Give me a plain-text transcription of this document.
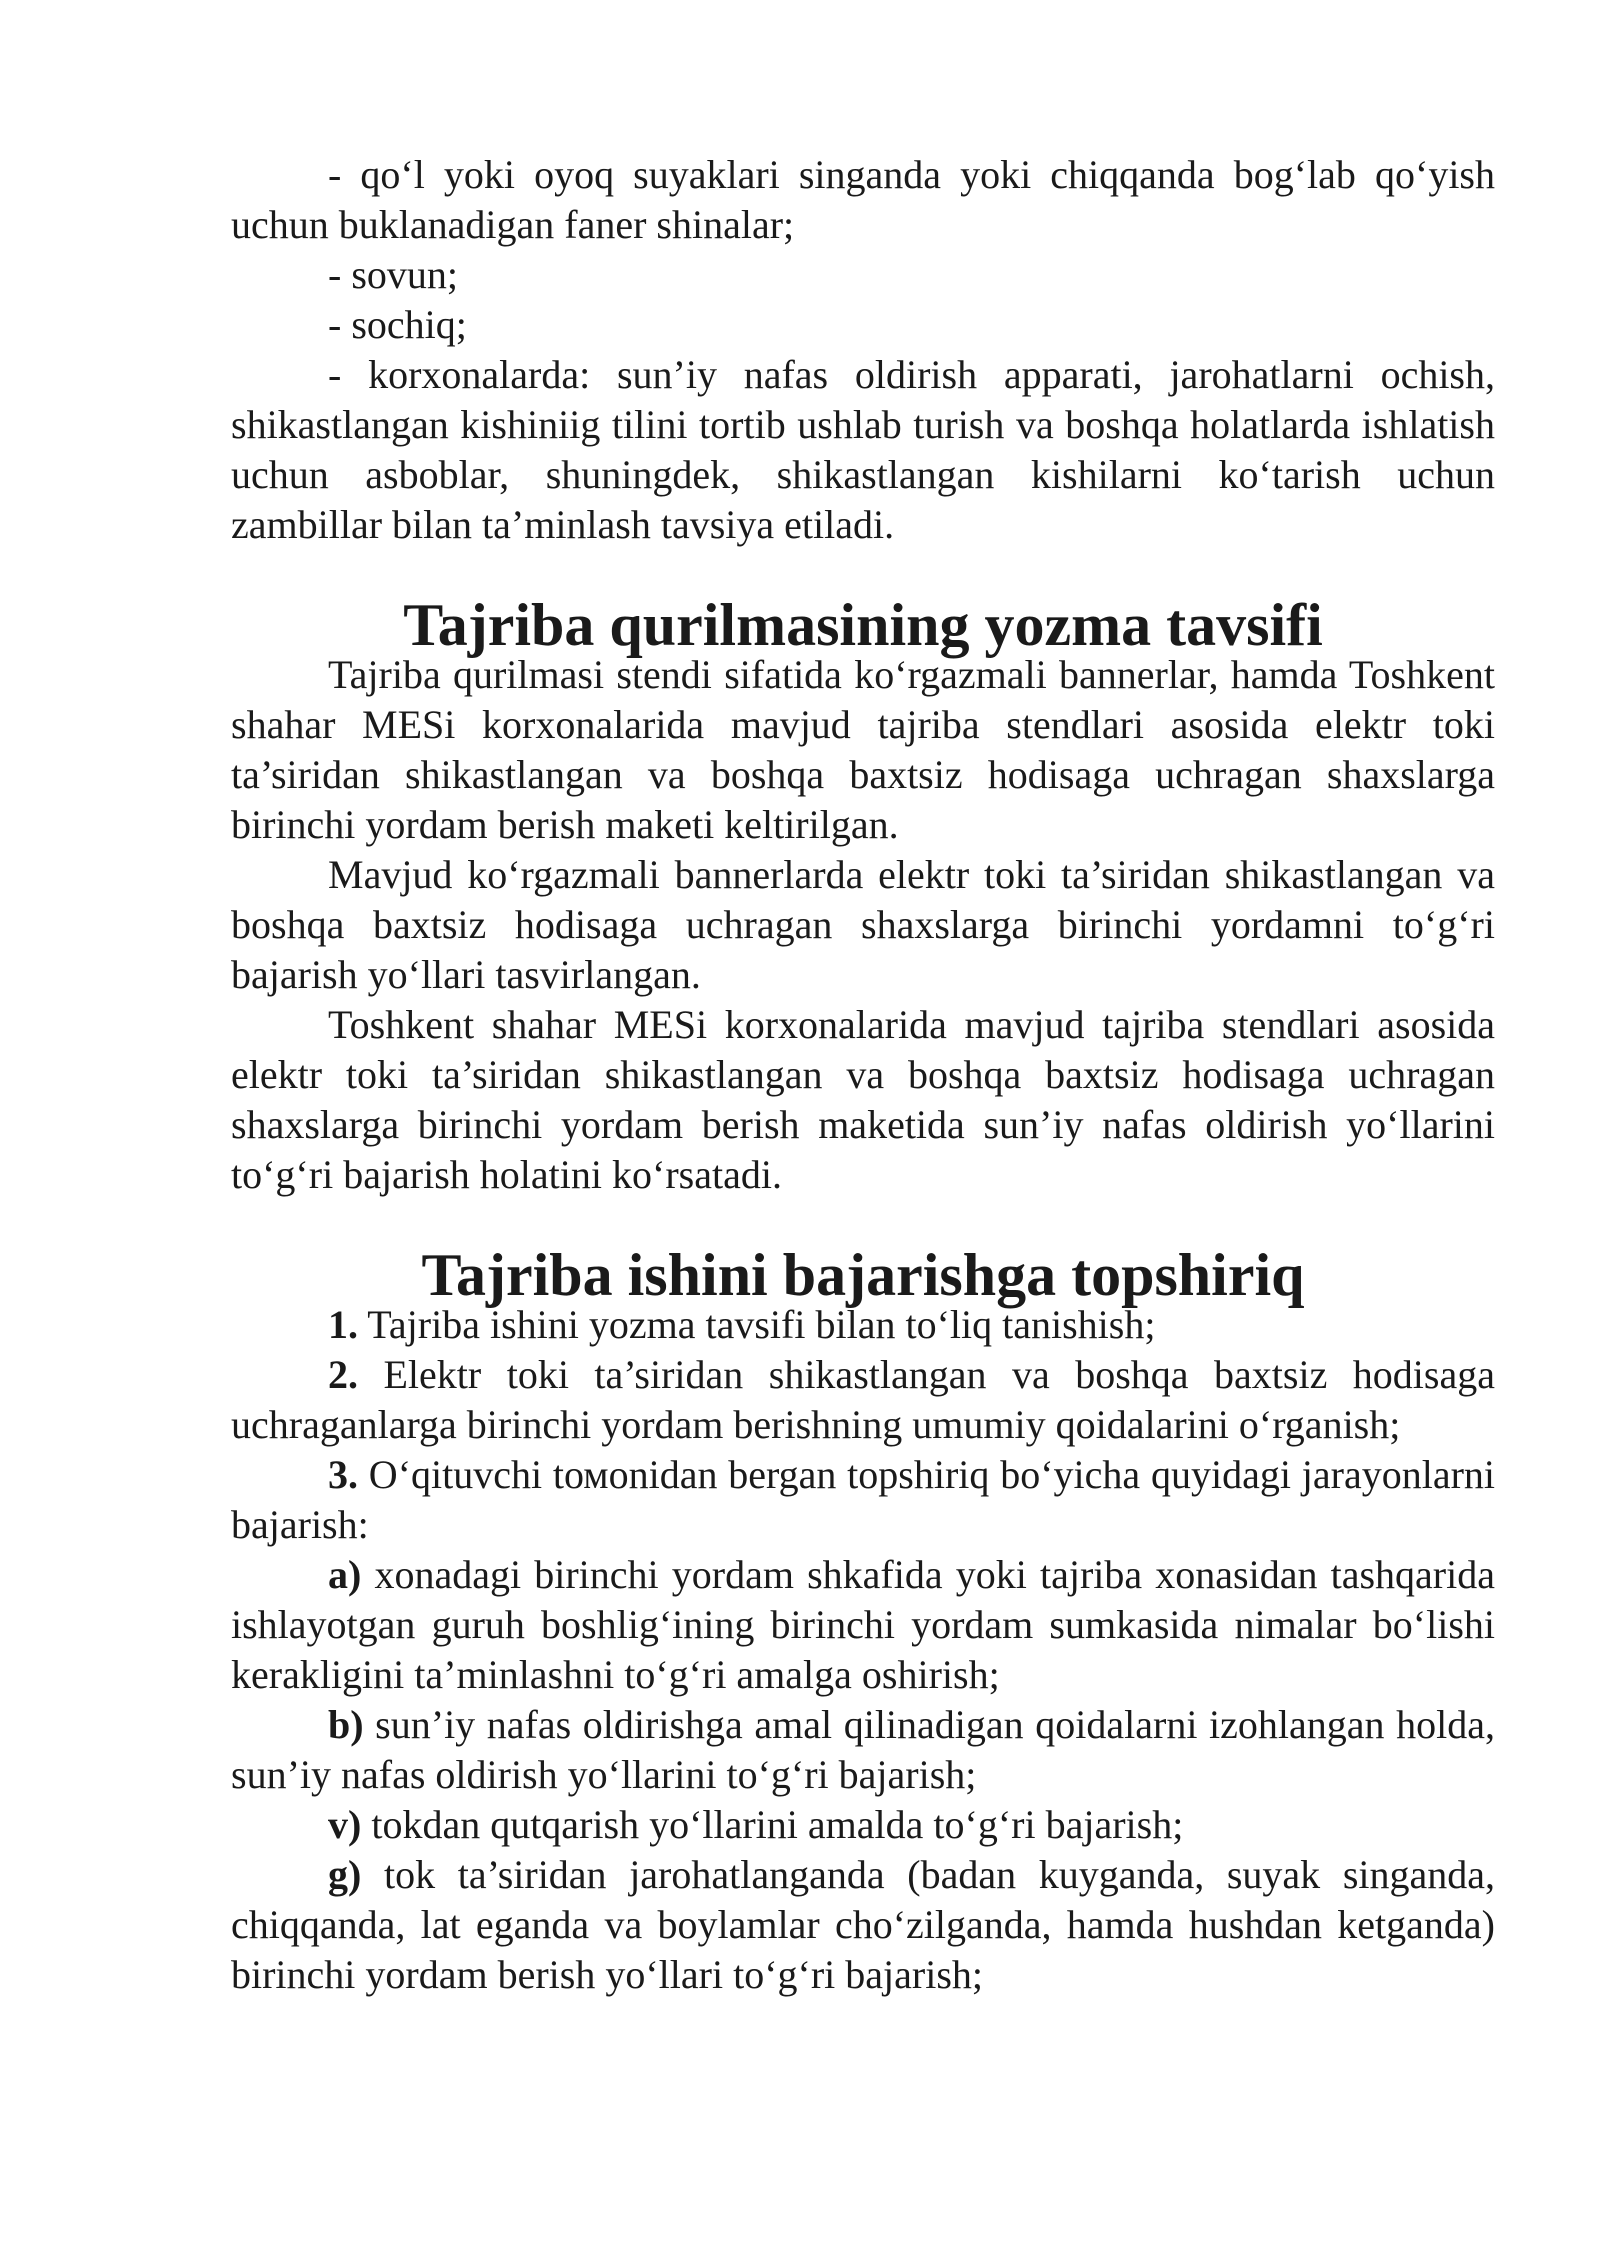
- qo‘l yoki oyoq suyaklari singanda yoki chiqqanda bog‘lab qo‘yish uchun buklanadigan faner shinalar;

- sovun;

- sochiq;

- korxonalarda: sun’iy nafas oldirish apparati, jarohatlarni ochish, shikastlangan kishiniig tilini tortib ushlab turish va boshqa holatlarda ishlatish uchun asboblar, shuningdek, shikastlangan kishilarni ko‘tarish uchun zambillar bilan ta’minlash tavsiya etiladi.

Tajriba qurilmasining yozma tavsifi

Tajriba qurilmasi stendi sifatida ko‘rgazmali bannerlar, hamda Toshkent shahar MESi korxonalarida mavjud tajriba stendlari asosida elektr toki ta’siridan shikastlangan va boshqa baxtsiz hodisaga uchragan shaxslarga birinchi yordam berish maketi keltirilgan.

Mavjud ko‘rgazmali bannerlarda elektr toki ta’siridan shikastlangan va boshqa baxtsiz hodisaga uchragan shaxslarga birinchi yordamni to‘g‘ri bajarish yo‘llari tasvirlangan.

Toshkent shahar MESi korxonalarida mavjud tajriba stendlari asosida elektr toki ta’siridan shikastlangan va boshqa baxtsiz hodisaga uchragan shaxslarga birinchi yordam berish maketida sun’iy nafas oldirish yo‘llarini to‘g‘ri bajarish holatini ko‘rsatadi.

Tajriba ishini bajarishga topshiriq

1. Tajriba ishini yozma tavsifi bilan to‘liq tanishish;

2. Elektr toki ta’siridan shikastlangan va boshqa baxtsiz hodisaga uchraganlarga birinchi yordam berishning umumiy qoidalarini o‘rganish;

3. O‘qituvchi tомonidan bergan topshiriq bo‘yicha quyidagi jarayonlarni bajarish:

a) xonadagi birinchi yordam shkafida yoki tajriba xonasidan tashqarida ishlayotgan guruh boshlig‘ining birinchi yordam sumkasida nimalar bo‘lishi kerakligini ta’minlashni to‘g‘ri amalga oshirish;

b) sun’iy nafas oldirishga amal qilinadigan qoidalarni izohlangan holda, sun’iy nafas oldirish yo‘llarini to‘g‘ri bajarish;

v) tokdan qutqarish yo‘llarini amalda to‘g‘ri bajarish;

g) tok ta’siridan jarohatlanganda (badan kuyganda, suyak singanda, chiqqanda, lat eganda va boylamlar cho‘zilganda, hamda hushdan ketganda) birinchi yordam berish yo‘llari to‘g‘ri bajarish;
